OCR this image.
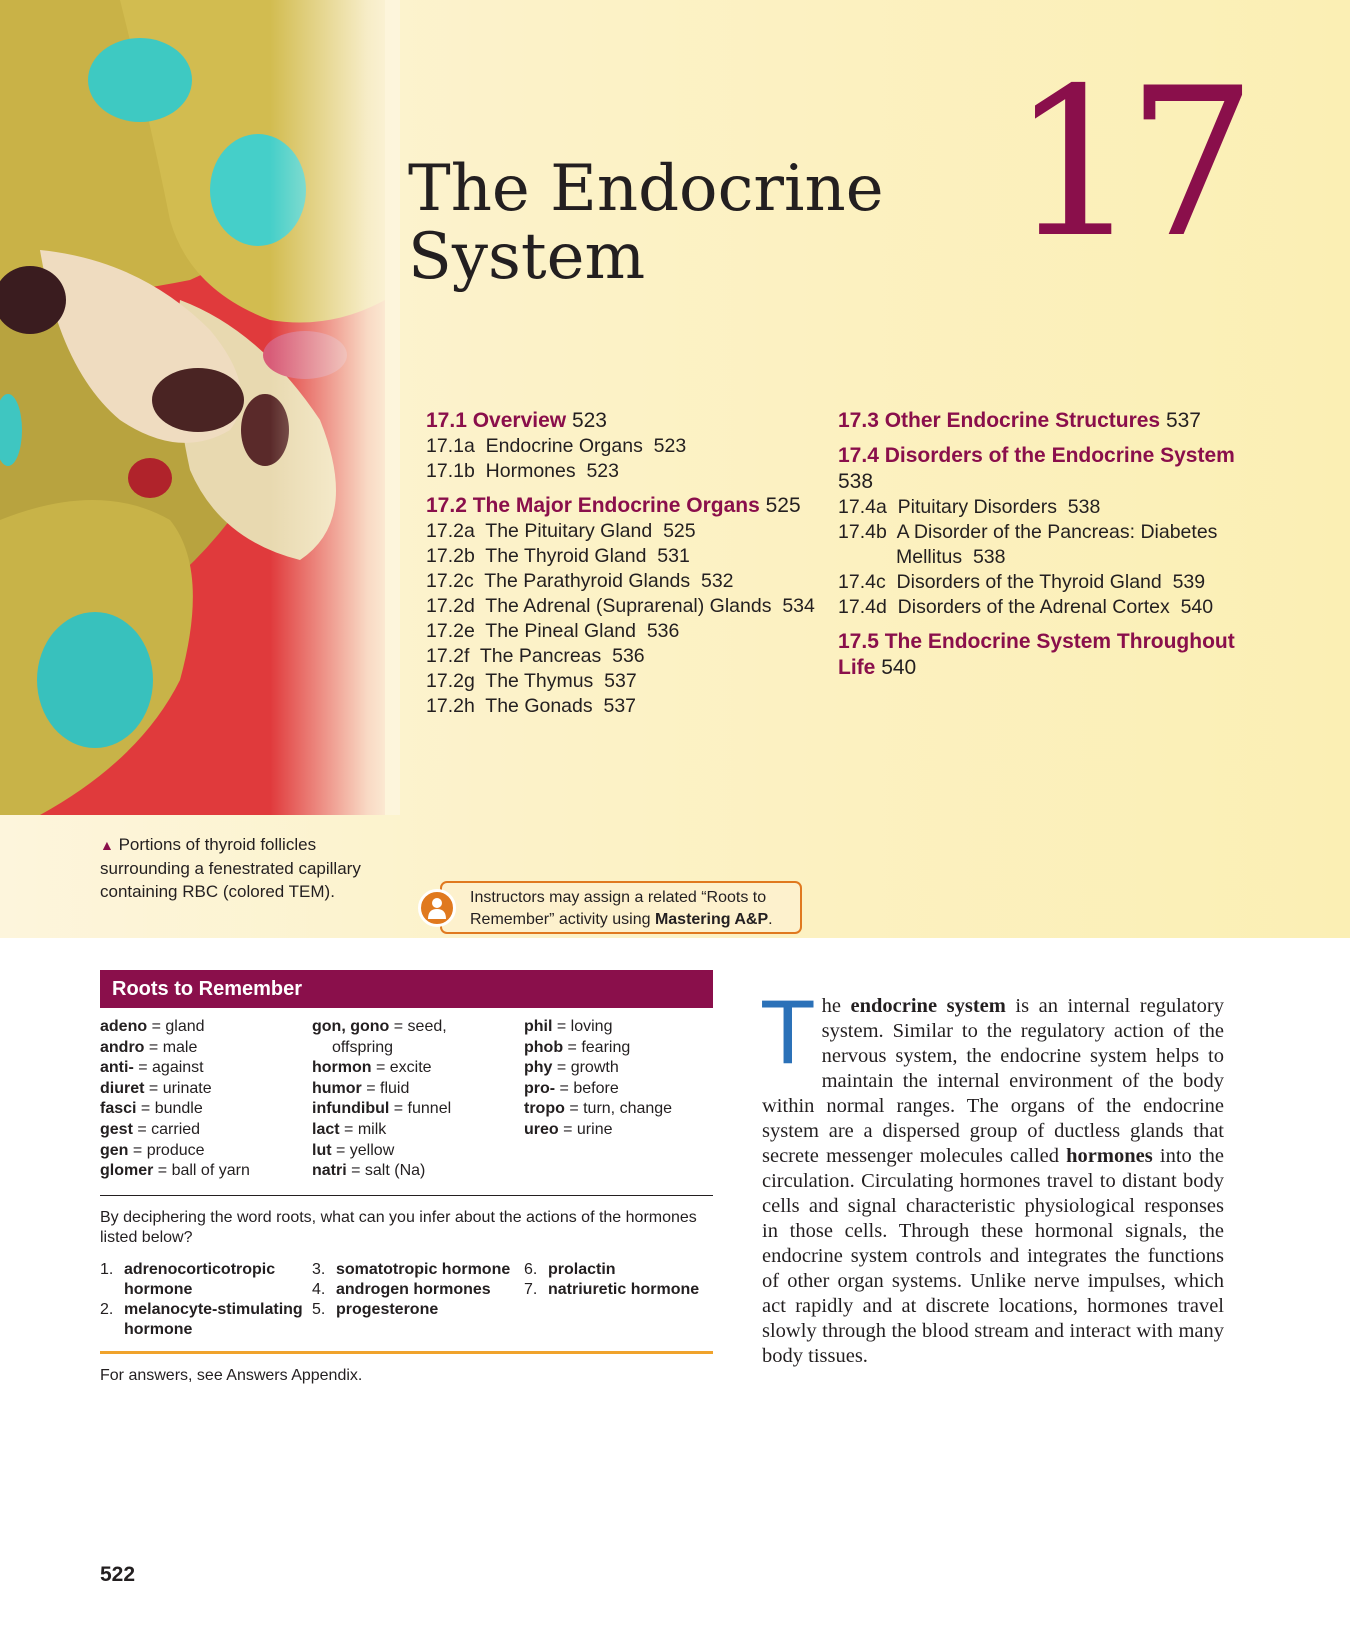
17
The Endocrine
System
17.1 Overview 523
17.1a Endocrine Organs 523
17.1b Hormones 523
17.2 The Major Endocrine Organs 525
17.2a The Pituitary Gland 525
17.2b The Thyroid Gland 531
17.2c The Parathyroid Glands 532
17.2d The Adrenal (Suprarenal) Glands 534
17.2e The Pineal Gland 536
17.2f The Pancreas 536
17.2g The Thymus 537
17.2h The Gonads 537
17.3 Other Endocrine Structures 537
17.4 Disorders of the Endocrine System 538
17.4a Pituitary Disorders 538
17.4b A Disorder of the Pancreas: Diabetes Mellitus 538
17.4c Disorders of the Thyroid Gland 539
17.4d Disorders of the Adrenal Cortex 540
17.5 The Endocrine System Throughout Life 540
▲ Portions of thyroid follicles surrounding a fenestrated capillary containing RBC (colored TEM).
Roots to Remember
Instructors may assign a related “Roots to Remember” activity using Mastering A&P.
adeno = gland
andro = male
anti- = against
diuret = urinate
fasci = bundle
gest = carried
gen = produce
glomer = ball of yarn
gon, gono = seed,
offspring
hormon = excite
humor = fluid
infundibul = funnel
lact = milk
lut = yellow
natri = salt (Na)
phil = loving
phob = fearing
phy = growth
pro- = before
tropo = turn, change
ureo = urine
By deciphering the word roots, what can you infer about the actions of the hormones listed below?
1. adrenocorticotropic hormone
2. melanocyte-stimulating hormone
3. somatotropic hormone
4. androgen hormones
5. progesterone
6. prolactin
7. natriuretic hormone
For answers, see Answers Appendix.
The endocrine system is an internal regulatory system. Similar to the regulatory action of the nervous system, the endocrine system helps to maintain the internal environment of the body within normal ranges. The organs of the endocrine system are a dispersed group of ductless glands that secrete messenger molecules called hormones into the circulation. Circulating hormones travel to distant body cells and signal characteristic physiological responses in those cells. Through these hormonal signals, the endocrine system controls and integrates the functions of other organ systems. Unlike nerve impulses, which act rapidly and at discrete locations, hormones travel slowly through the blood stream and interact with many body tissues.
522
